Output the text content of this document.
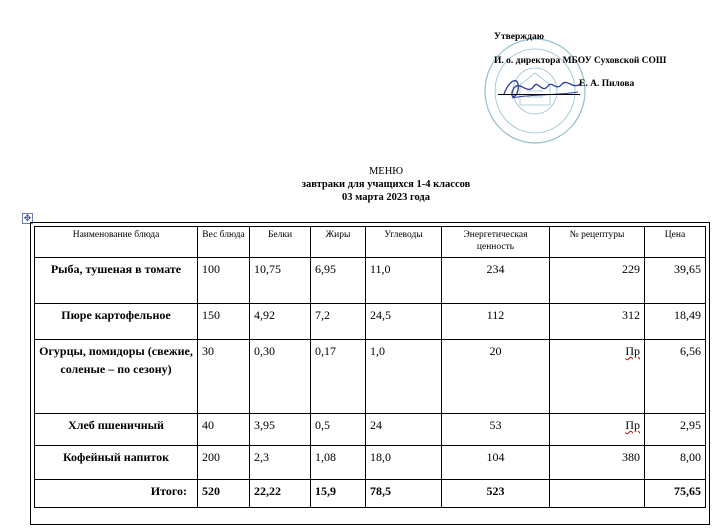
Утверждаю
И. о. директора МБОУ Суховской СОШ
Е. А. Пилова
МЕНЮ
завтраки для учащихся 1-4 классов
03 марта 2023 года
✥
Наименование блюда	Вес блюда	Белки	Жиры	Углеводы	Энергетическая ценность	№ рецептуры	Цена
Рыба, тушеная в томате	100	10,75	6,95	11,0	234	229	39,65
Пюре картофельное	150	4,92	7,2	24,5	112	312	18,49
Огурцы, помидоры (свежие, соленые – по сезону)	30	0,30	0,17	1,0	20	Пр	6,56
Хлеб пшеничный	40	3,95	0,5	24	53	Пр	2,95
Кофейный напиток	200	2,3	1,08	18,0	104	380	8,00
Итого:	520	22,22	15,9	78,5	523		75,65
